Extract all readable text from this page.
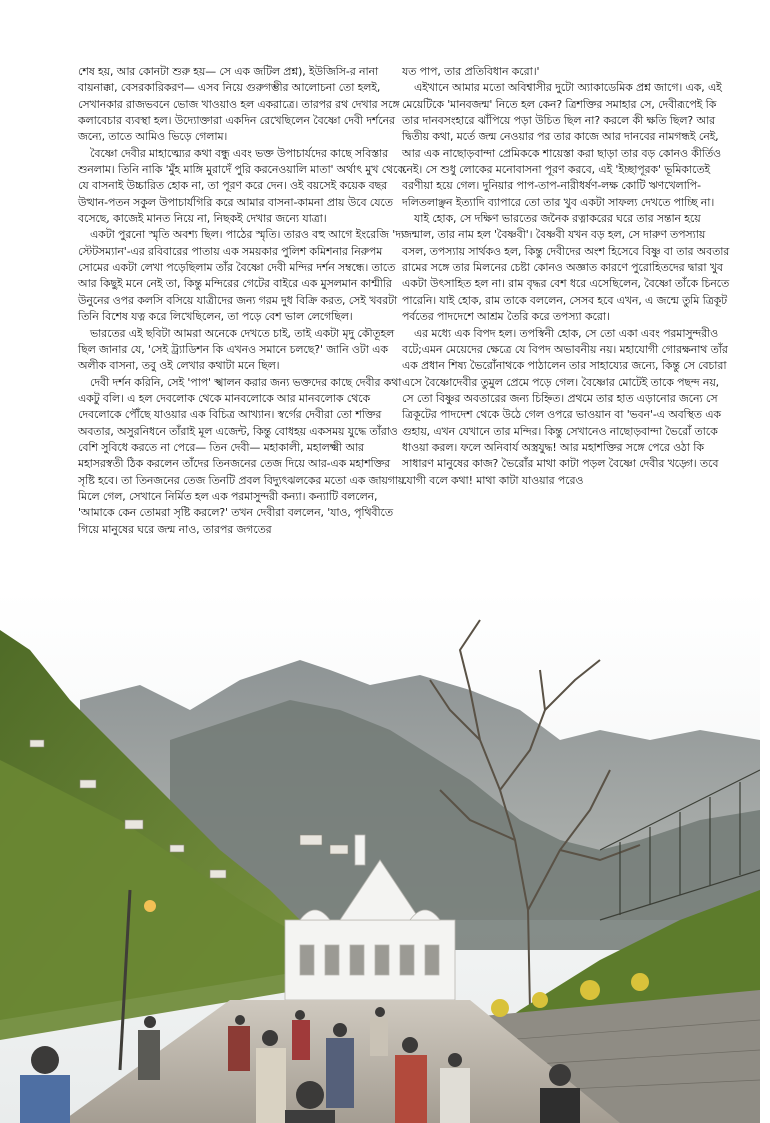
শেষ হয়, আর কোনটা শুরু হয়— সে এক জটিল প্রশ্ন), ইউজিসি-র নানা বায়নাক্কা, বেসরকারিকরণ— এসব নিয়ে গুরুগম্ভীর আলোচনা তো হলই, সেখানকার রাজভবনে ভোজ খাওয়াও হল একরাত্রে। তারপর রথ দেখার সঙ্গে কলাবেচার ব্যবস্থা হল। উদ্যোক্তারা একদিন রেখেছিলেন বৈষ্ণো দেবী দর্শনের জন্যে, তাতে আমিও ভিড়ে গেলাম।

বৈষ্ণো দেবীর মাহাত্ম্যের কথা বন্ধু এবং ভক্ত উপাচার্যদের কাছে সবিস্তার শুনলাম। তিনি নাকি 'মুঁহ মাঙ্গি মুরাদেঁ পুরি করনেওয়ালি মাতা' অর্থাৎ মুখ থেকে যে বাসনাই উচ্চারিত হোক না, তা পূরণ করে দেন। ওই বয়সেই কয়েক বছর উত্থান-পতন সকুল উপাচার্যগিরি করে আমার বাসনা-কামনা প্রায় উবে যেতে বসেছে, কাজেই মানত নিয়ে না, নিছকই দেখার জন্যে যাত্রা।

একটা পুরনো স্মৃতি অবশ্য ছিল। পাঠের স্মৃতি। তারও বহু আগে ইংরেজি 'দ্য স্টেটসম্যান'-এর রবিবারের পাতায় এক সময়কার পুলিশ কমিশনার নিরুপম সোমের একটা লেখা পড়েছিলাম তাঁর বৈষ্ণো দেবী মন্দির দর্শন সম্বন্ধে। তাতে আর কিছুই মনে নেই তা, কিন্তু মন্দিরের গেটের বাইরে এক মুসলমান কাশ্মীরি উনুনের ওপর কলসি বসিয়ে যাত্রীদের জন্য গরম দুধ বিক্রি করত, সেই খবরটা তিনি বিশেষ যত্ন করে লিখেছিলেন, তা পড়ে বেশ ভাল লেগেছিল।

ভারতের এই ছবিটা আমরা অনেকে দেখতে চাই, তাই একটা মৃদু কৌতূহল ছিল জানার যে, 'সেই ট্র্যাডিশন কি এখনও সমানে চলছে?' জানি ওটা এক অলীক বাসনা, তবু ওই লেখার কথাটা মনে ছিল।

দেবী দর্শন করিনি, সেই 'পাপ' স্খালন করার জন্য ভক্তদের কাছে দেবীর কথা একটু বলি। এ হল দেবলোক থেকে মানবলোকে আর মানবলোক থেকে দেবলোকে পৌঁছে যাওয়ার এক বিচিত্র আখ্যান। স্বর্গের দেবীরা তো শক্তির অবতার, অসুরনিধনে তাঁরাই মূল এজেন্ট, কিন্তু বোধহয় একসময় যুদ্ধে তাঁরাও বেশি সুবিধে করতে না পেরে— তিন দেবী— মহাকালী, মহালক্ষ্মী আর মহাসরস্বতী ঠিক করলেন তাঁদের তিনজনের তেজ দিয়ে আর-এক মহাশক্তির সৃষ্টি হবে। তা তিনজনের তেজ তিনটি প্রবল বিদ্যুৎঝলকের মতো এক জায়গায় মিলে গেল, সেখানে নির্মিত হল এক পরমাসুন্দরী কন্যা। কন্যাটি বললেন, 'আমাকে কেন তোমরা সৃষ্টি করলে?' তখন দেবীরা বললেন, 'যাও, পৃথিবীতে গিয়ে মানুষের ঘরে জন্ম নাও, তারপর জগতের

যত পাপ, তার প্রতিবিধান করো।'

এইখানে আমার মতো অবিশ্বাসীর দুটো অ্যাকাডেমিক প্রশ্ন জাগে। এক, এই মেয়েটিকে 'মানবজন্ম' নিতে হল কেন? ত্রিশক্তির সমাহার সে, দেবীরূপেই কি তার দানবসংহারে ঝাঁপিয়ে পড়া উচিত ছিল না? করলে কী ক্ষতি ছিল? আর দ্বিতীয় কথা, মর্তে জন্ম নেওয়ার পর তার কাজে আর দানবের নামগন্ধই নেই, আর এক নাছোড়বান্দা প্রেমিককে শায়েস্তা করা ছাড়া তার বড় কোনও কীর্তিও নেই। সে শুধু লোকের মনোবাসনা পূরণ করবে, এই 'ইচ্ছাপূরক' ভূমিকাতেই বরণীয়া হয়ে গেল। দুনিয়ার পাপ-তাপ-নারীধর্ষণ-লক্ষ কোটি ঋণখেলাপি-দলিতলাঞ্ছন ইত্যাদি ব্যাপারে তো তার খুব একটা সাফল্য দেখতে পাচ্ছি না।

যাই হোক, সে দক্ষিণ ভারতের জনৈক রত্নাকরের ঘরে তার সন্তান হয়ে জন্মাল, তার নাম হল 'বৈষ্ণবী'। বৈষ্ণবী যখন বড় হল, সে দারুণ তপস্যায় বসল, তপস্যায় সার্থকও হল, কিন্তু দেবীদের অংশ হিসেবে বিষ্ণু বা তার অবতার রামের সঙ্গে তার মিলনের চেষ্টা কোনও অজ্ঞাত কারণে পুরোহিতদের দ্বারা খুব একটা উৎসাহিত হল না। রাম বৃদ্ধর বেশ ধরে এসেছিলেন, বৈষ্ণো তাঁকে চিনতে পারেনি। যাই হোক, রাম তাকে বললেন, সেসব হবে এখন, এ জন্মে তুমি ত্রিকূট পর্বতের পাদদেশে আশ্রম তৈরি করে তপস্যা করো।

এর মধ্যে এক বিপদ হল। তপস্বিনী হোক, সে তো একা এবং পরমাসুন্দরীও বটে;এমন মেয়েদের ক্ষেত্রে যে বিপদ অভাবনীয় নয়। মহাযোগী গোরক্ষনাথ তাঁর এক প্রধান শিষ্য ভৈরোঁনাথকে পাঠালেন তার সাহায্যের জন্যে, কিন্তু সে বেচারা এসে বৈষ্ণোদেবীর তুমুল প্রেমে পড়ে গেল। বৈষ্ণোর মোটেই তাকে পছন্দ নয়, সে তো বিষ্ণুর অবতারের জন্য চিহ্নিত। প্রথমে তার হাত এড়ানোর জন্যে সে ত্রিকূটের পাদদেশ থেকে উঠে গেল ওপরে ভাওয়ান বা 'ভবন'-এ অবস্থিত এক গুহায়, এখন যেখানে তার মন্দির। কিন্তু সেখানেও নাছোড়বান্দা ভৈরোঁ তাকে ধাওয়া করল। ফলে অনিবার্য অস্ত্রযুদ্ধ! আর মহাশক্তির সঙ্গে পেরে ওঠা কি সাধারণ মানুষের কাজ? ভৈরোঁর মাথা কাটা পড়ল বৈষ্ণো দেবীর খড়্গে। তবে যোগী বলে কথা! মাথা কাটা যাওয়ার পরেও
